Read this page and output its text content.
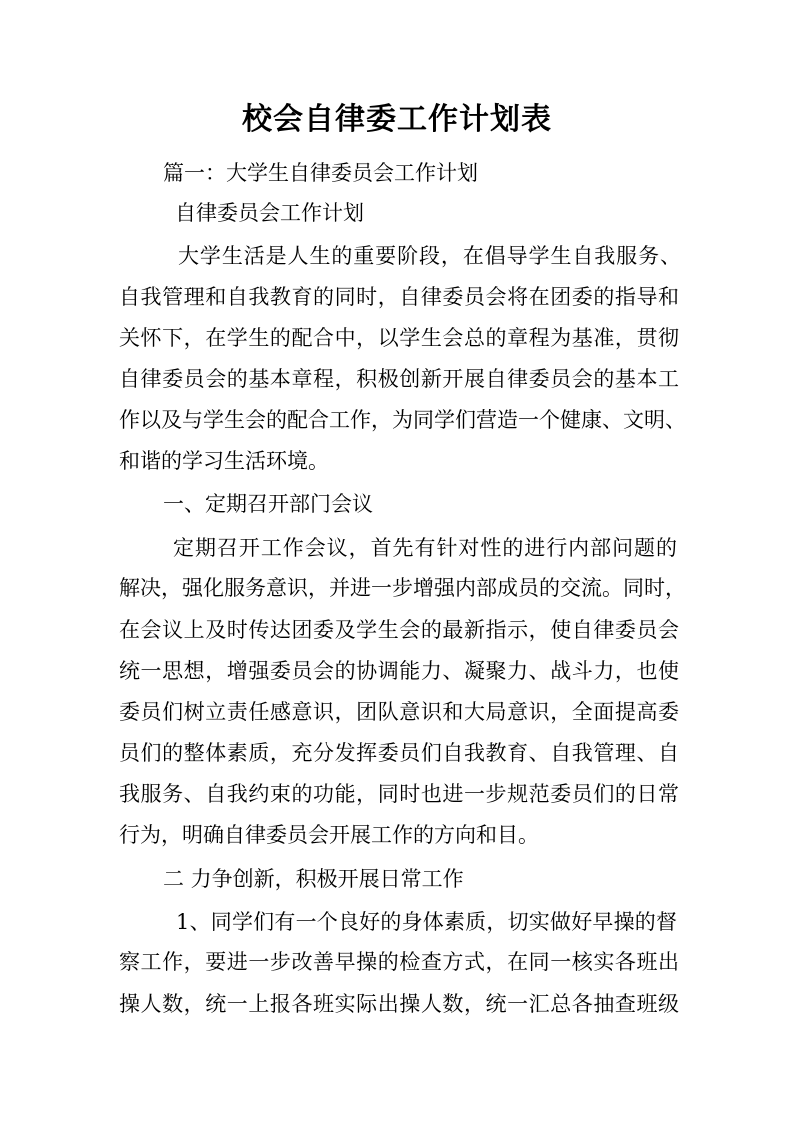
校会自律委工作计划表
篇一：大学生自律委员会工作计划
自律委员会工作计划
大学生活是人生的重要阶段，在倡导学生自我服务、
自我管理和自我教育的同时，自律委员会将在团委的指导和
关怀下，在学生的配合中，以学生会总的章程为基准，贯彻
自律委员会的基本章程，积极创新开展自律委员会的基本工
作以及与学生会的配合工作，为同学们营造一个健康、文明、
和谐的学习生活环境。
一、定期召开部门会议
定期召开工作会议，首先有针对性的进行内部问题的
解决，强化服务意识，并进一步增强内部成员的交流。同时，
在会议上及时传达团委及学生会的最新指示，使自律委员会
统一思想，增强委员会的协调能力、凝聚力、战斗力，也使
委员们树立责任感意识，团队意识和大局意识，全面提高委
员们的整体素质，充分发挥委员们自我教育、自我管理、自
我服务、自我约束的功能，同时也进一步规范委员们的日常
行为，明确自律委员会开展工作的方向和目。
二 力争创新，积极开展日常工作
1、同学们有一个良好的身体素质，切实做好早操的督
察工作，要进一步改善早操的检查方式，在同一核实各班出
操人数，统一上报各班实际出操人数，统一汇总各抽查班级
